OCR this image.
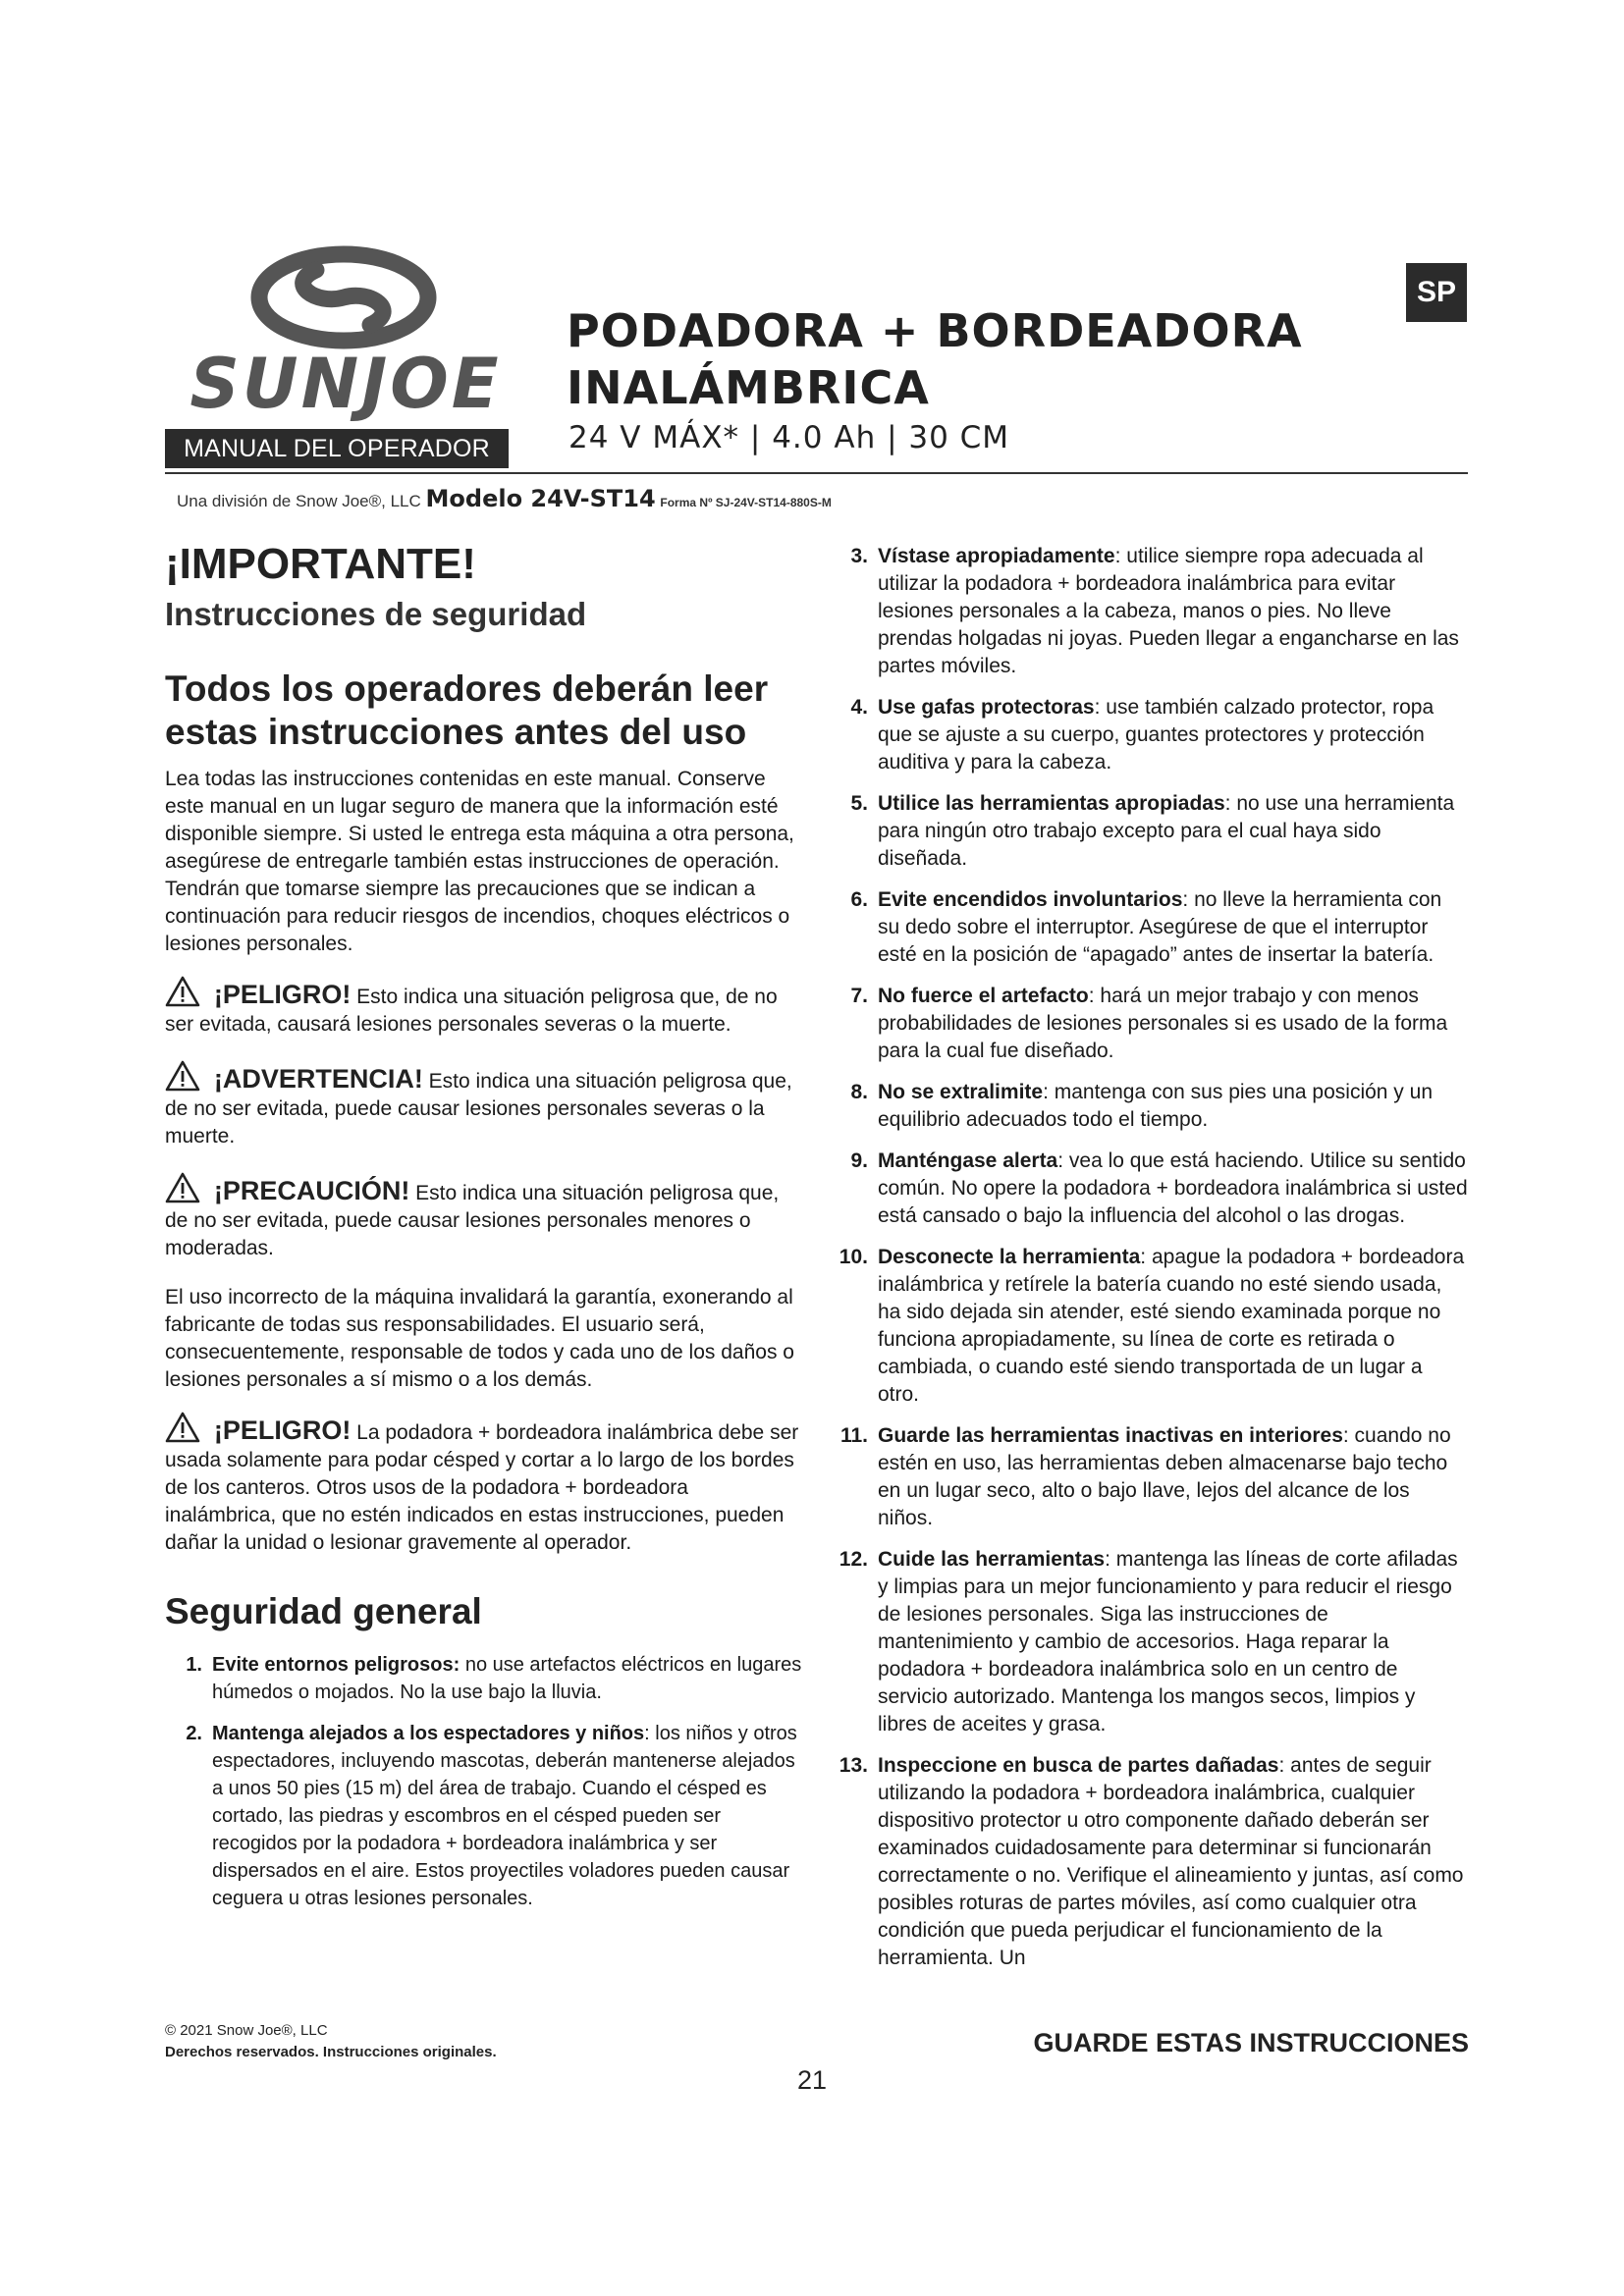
SUNJOE
MANUAL DEL OPERADOR
SP
PODADORA + BORDEADORA
INALÁMBRICA
24 V MÁX* | 4.0 Ah | 30 CM
Una división de Snow Joe®, LLC Modelo 24V-ST14 Forma Nº SJ-24V-ST14-880S-M
¡IMPORTANTE!
Instrucciones de seguridad
Todos los operadores deberán leer estas instrucciones antes del uso

Lea todas las instrucciones contenidas en este manual. Conserve este manual en un lugar seguro de manera que la información esté disponible siempre. Si usted le entrega esta máquina a otra persona, asegúrese de entregarle también estas instrucciones de operación. Tendrán que tomarse siempre las precauciones que se indican a continuación para reducir riesgos de incendios, choques eléctricos o lesiones personales.

¡PELIGRO! Esto indica una situación peligrosa que, de no ser evitada, causará lesiones personales severas o la muerte.

¡ADVERTENCIA! Esto indica una situación peligrosa que, de no ser evitada, puede causar lesiones personales severas o la muerte.

¡PRECAUCIÓN! Esto indica una situación peligrosa que, de no ser evitada, puede causar lesiones personales menores o moderadas.

El uso incorrecto de la máquina invalidará la garantía, exonerando al fabricante de todas sus responsabilidades. El usuario será, consecuentemente, responsable de todos y cada uno de los daños o lesiones personales a sí mismo o a los demás.

¡PELIGRO! La podadora + bordeadora inalámbrica debe ser usada solamente para podar césped y cortar a lo largo de los bordes de los canteros. Otros usos de la podadora + bordeadora inalámbrica, que no estén indicados en estas instrucciones, pueden dañar la unidad o lesionar gravemente al operador.

Seguridad general
1. Evite entornos peligrosos: no use artefactos eléctricos en lugares húmedos o mojados. No la use bajo la lluvia.
2. Mantenga alejados a los espectadores y niños: los niños y otros espectadores, incluyendo mascotas, deberán mantenerse alejados a unos 50 pies (15 m) del área de trabajo. Cuando el césped es cortado, las piedras y escombros en el césped pueden ser recogidos por la podadora + bordeadora inalámbrica y ser dispersados en el aire. Estos proyectiles voladores pueden causar ceguera u otras lesiones personales.
3. Vístase apropiadamente: utilice siempre ropa adecuada al utilizar la podadora + bordeadora inalámbrica para evitar lesiones personales a la cabeza, manos o pies. No lleve prendas holgadas ni joyas. Pueden llegar a engancharse en las partes móviles.
4. Use gafas protectoras: use también calzado protector, ropa que se ajuste a su cuerpo, guantes protectores y protección auditiva y para la cabeza.
5. Utilice las herramientas apropiadas: no use una herramienta para ningún otro trabajo excepto para el cual haya sido diseñada.
6. Evite encendidos involuntarios: no lleve la herramienta con su dedo sobre el interruptor. Asegúrese de que el interruptor esté en la posición de “apagado” antes de insertar la batería.
7. No fuerce el artefacto: hará un mejor trabajo y con menos probabilidades de lesiones personales si es usado de la forma para la cual fue diseñado.
8. No se extralimite: mantenga con sus pies una posición y un equilibrio adecuados todo el tiempo.
9. Manténgase alerta: vea lo que está haciendo. Utilice su sentido común. No opere la podadora + bordeadora inalámbrica si usted está cansado o bajo la influencia del alcohol o las drogas.
10. Desconecte la herramienta: apague la podadora + bordeadora inalámbrica y retírele la batería cuando no esté siendo usada, ha sido dejada sin atender, esté siendo examinada porque no funciona apropiadamente, su línea de corte es retirada o cambiada, o cuando esté siendo transportada de un lugar a otro.
11. Guarde las herramientas inactivas en interiores: cuando no estén en uso, las herramientas deben almacenarse bajo techo en un lugar seco, alto o bajo llave, lejos del alcance de los niños.
12. Cuide las herramientas: mantenga las líneas de corte afiladas y limpias para un mejor funcionamiento y para reducir el riesgo de lesiones personales. Siga las instrucciones de mantenimiento y cambio de accesorios. Haga reparar la podadora + bordeadora inalámbrica solo en un centro de servicio autorizado. Mantenga los mangos secos, limpios y libres de aceites y grasa.
13. Inspeccione en busca de partes dañadas: antes de seguir utilizando la podadora + bordeadora inalámbrica, cualquier dispositivo protector u otro componente dañado deberán ser examinados cuidadosamente para determinar si funcionarán correctamente o no. Verifique el alineamiento y juntas, así como posibles roturas de partes móviles, así como cualquier otra condición que pueda perjudicar el funcionamiento de la herramienta. Un
© 2021 Snow Joe®, LLC
Derechos reservados. Instrucciones originales.	GUARDE ESTAS INSTRUCCIONES
21
